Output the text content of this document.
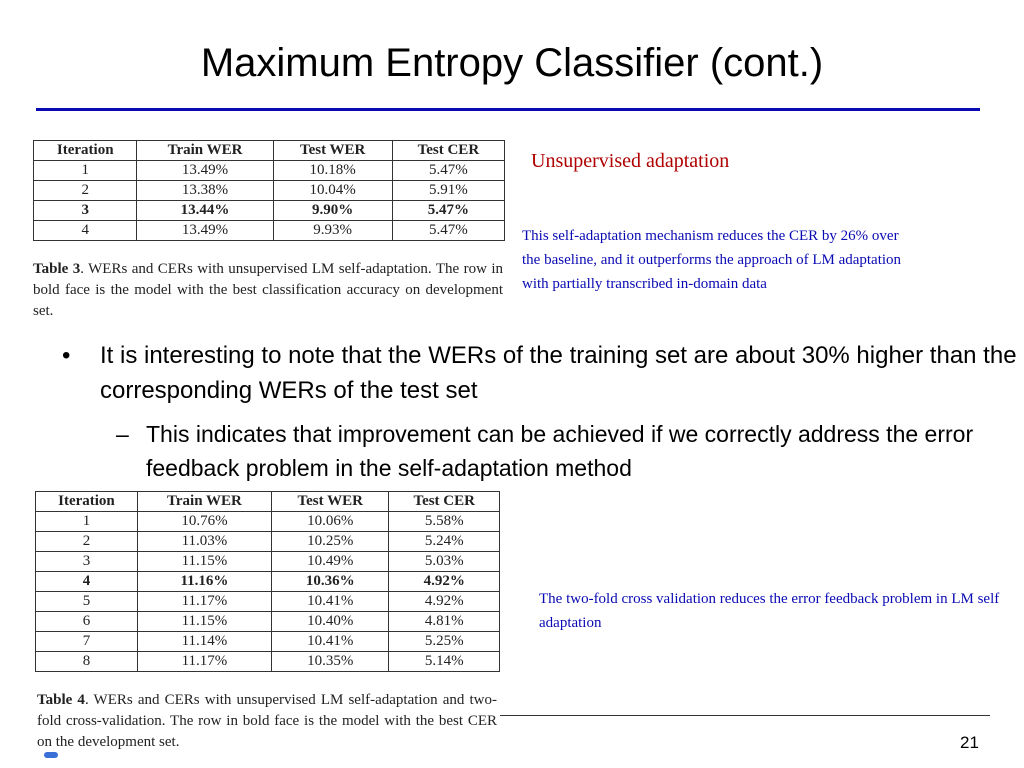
Maximum Entropy Classifier (cont.)
Iteration	Train WER	Test WER	Test CER
1	13.49%	10.18%	5.47%
2	13.38%	10.04%	5.91%
3	13.44%	9.90%	5.47%
4	13.49%	9.93%	5.47%
Table 3. WERs and CERs with unsupervised LM self-adaptation. The row in bold face is the model with the best classification accuracy on development set.
Unsupervised adaptation
This self-adaptation mechanism reduces the CER by 26% over
the baseline, and it outperforms the approach of LM adaptation
with partially transcribed in-domain data
• It is interesting to note that the WERs of the training set are about 30% higher than the corresponding WERs of the test set
– This indicates that improvement can be achieved if we correctly address the error feedback problem in the self-adaptation method
Iteration	Train WER	Test WER	Test CER
1	10.76%	10.06%	5.58%
2	11.03%	10.25%	5.24%
3	11.15%	10.49%	5.03%
4	11.16%	10.36%	4.92%
5	11.17%	10.41%	4.92%
6	11.15%	10.40%	4.81%
7	11.14%	10.41%	5.25%
8	11.17%	10.35%	5.14%
Table 4. WERs and CERs with unsupervised LM self-adaptation and two-fold cross-validation. The row in bold face is the model with the best CER on the development set.
The two-fold cross validation reduces the error feedback problem in LM self adaptation
21
